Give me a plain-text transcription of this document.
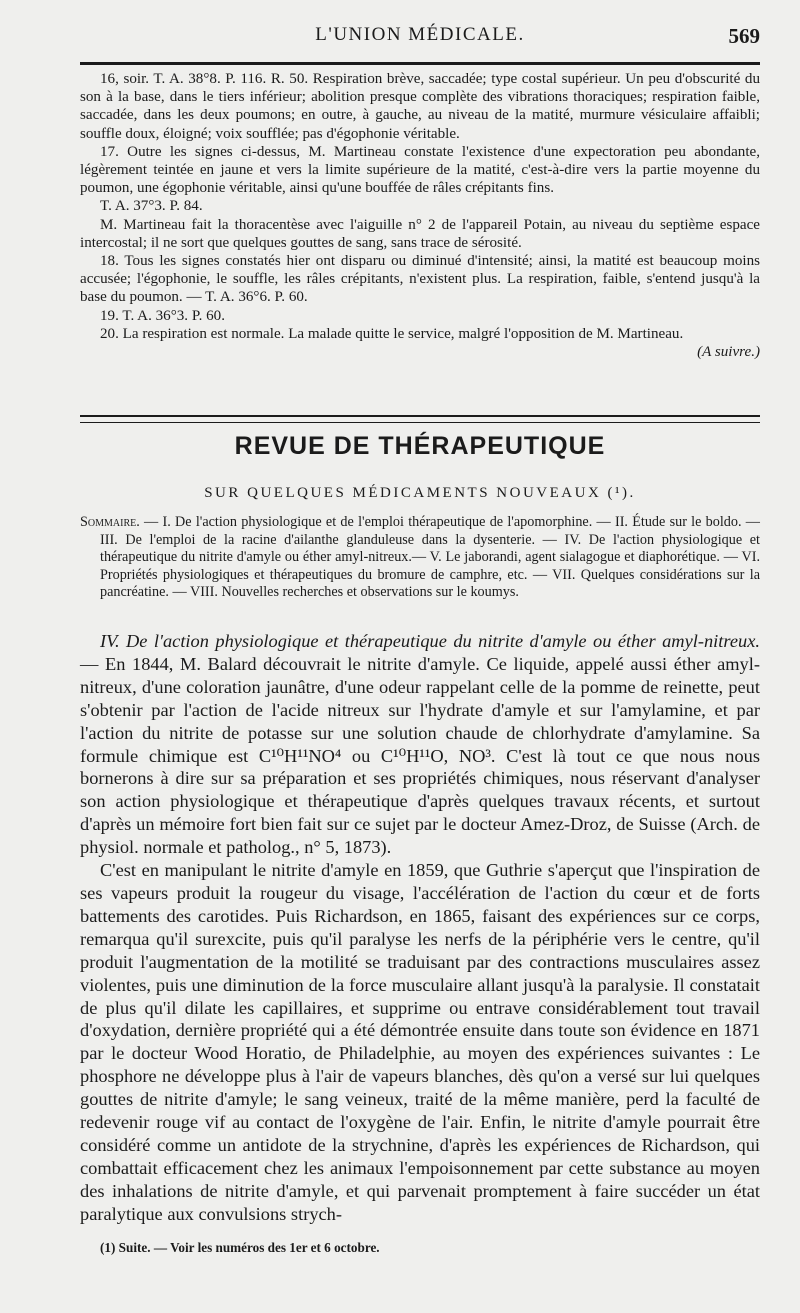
L'UNION MÉDICALE.	569

16, soir. T. A. 38°8. P. 116. R. 50. Respiration brève, saccadée; type costal supérieur. Un peu d'obscurité du son à la base, dans le tiers inférieur; abolition presque complète des vibrations thoraciques; respiration faible, saccadée, dans les deux poumons; en outre, à gauche, au niveau de la matité, murmure vésiculaire affaibli; souffle doux, éloigné; voix soufflée; pas d'égophonie véritable.

17. Outre les signes ci-dessus, M. Martineau constate l'existence d'une expectoration peu abondante, légèrement teintée en jaune et vers la limite supérieure de la matité, c'est-à-dire vers la partie moyenne du poumon, une égophonie véritable, ainsi qu'une bouffée de râles crépitants fins.

T. A. 37°3. P. 84.

M. Martineau fait la thoracentèse avec l'aiguille n° 2 de l'appareil Potain, au niveau du septième espace intercostal; il ne sort que quelques gouttes de sang, sans trace de sérosité.

18. Tous les signes constatés hier ont disparu ou diminué d'intensité; ainsi, la matité est beaucoup moins accusée; l'égophonie, le souffle, les râles crépitants, n'existent plus. La respiration, faible, s'entend jusqu'à la base du poumon. — T. A. 36°6. P. 60.

19. T. A. 36°3. P. 60.

20. La respiration est normale. La malade quitte le service, malgré l'opposition de M. Martineau.
(A suivre.)

REVUE DE THÉRAPEUTIQUE
SUR QUELQUES MÉDICAMENTS NOUVEAUX (¹).
Sommaire. — I. De l'action physiologique et de l'emploi thérapeutique de l'apomorphine. — II. Étude sur le boldo. — III. De l'emploi de la racine d'ailanthe glanduleuse dans la dysenterie. — IV. De l'action physiologique et thérapeutique du nitrite d'amyle ou éther amyl-nitreux.— V. Le jaborandi, agent sialagogue et diaphorétique. — VI. Propriétés physiologiques et thérapeutiques du bromure de camphre, etc. — VII. Quelques considérations sur la pancréatine. — VIII. Nouvelles recherches et observations sur le koumys.

IV. De l'action physiologique et thérapeutique du nitrite d'amyle ou éther amyl-nitreux. — En 1844, M. Balard découvrait le nitrite d'amyle. Ce liquide, appelé aussi éther amyl-nitreux, d'une coloration jaunâtre, d'une odeur rappelant celle de la pomme de reinette, peut s'obtenir par l'action de l'acide nitreux sur l'hydrate d'amyle et sur l'amylamine, et par l'action du nitrite de potasse sur une solution chaude de chlorhydrate d'amylamine. Sa formule chimique est C¹⁰H¹¹NO⁴ ou C¹⁰H¹¹O, NO³. C'est là tout ce que nous nous bornerons à dire sur sa préparation et ses propriétés chimiques, nous réservant d'analyser son action physiologique et thérapeutique d'après quelques travaux récents, et surtout d'après un mémoire fort bien fait sur ce sujet par le docteur Amez-Droz, de Suisse (Arch. de physiol. normale et patholog., n° 5, 1873).

C'est en manipulant le nitrite d'amyle en 1859, que Guthrie s'aperçut que l'inspiration de ses vapeurs produit la rougeur du visage, l'accélération de l'action du cœur et de forts battements des carotides. Puis Richardson, en 1865, faisant des expériences sur ce corps, remarqua qu'il surexcite, puis qu'il paralyse les nerfs de la périphérie vers le centre, qu'il produit l'augmentation de la motilité se traduisant par des contractions musculaires assez violentes, puis une diminution de la force musculaire allant jusqu'à la paralysie. Il constatait de plus qu'il dilate les capillaires, et supprime ou entrave considérablement tout travail d'oxydation, dernière propriété qui a été démontrée ensuite dans toute son évidence en 1871 par le docteur Wood Horatio, de Philadelphie, au moyen des expériences suivantes : Le phosphore ne développe plus à l'air de vapeurs blanches, dès qu'on a versé sur lui quelques gouttes de nitrite d'amyle; le sang veineux, traité de la même manière, perd la faculté de redevenir rouge vif au contact de l'oxygène de l'air. Enfin, le nitrite d'amyle pourrait être considéré comme un antidote de la strychnine, d'après les expériences de Richardson, qui combattait efficacement chez les animaux l'empoisonnement par cette substance au moyen des inhalations de nitrite d'amyle, et qui parvenait promptement à faire succéder un état paralytique aux convulsions strych-

(1) Suite. — Voir les numéros des 1er et 6 octobre.
